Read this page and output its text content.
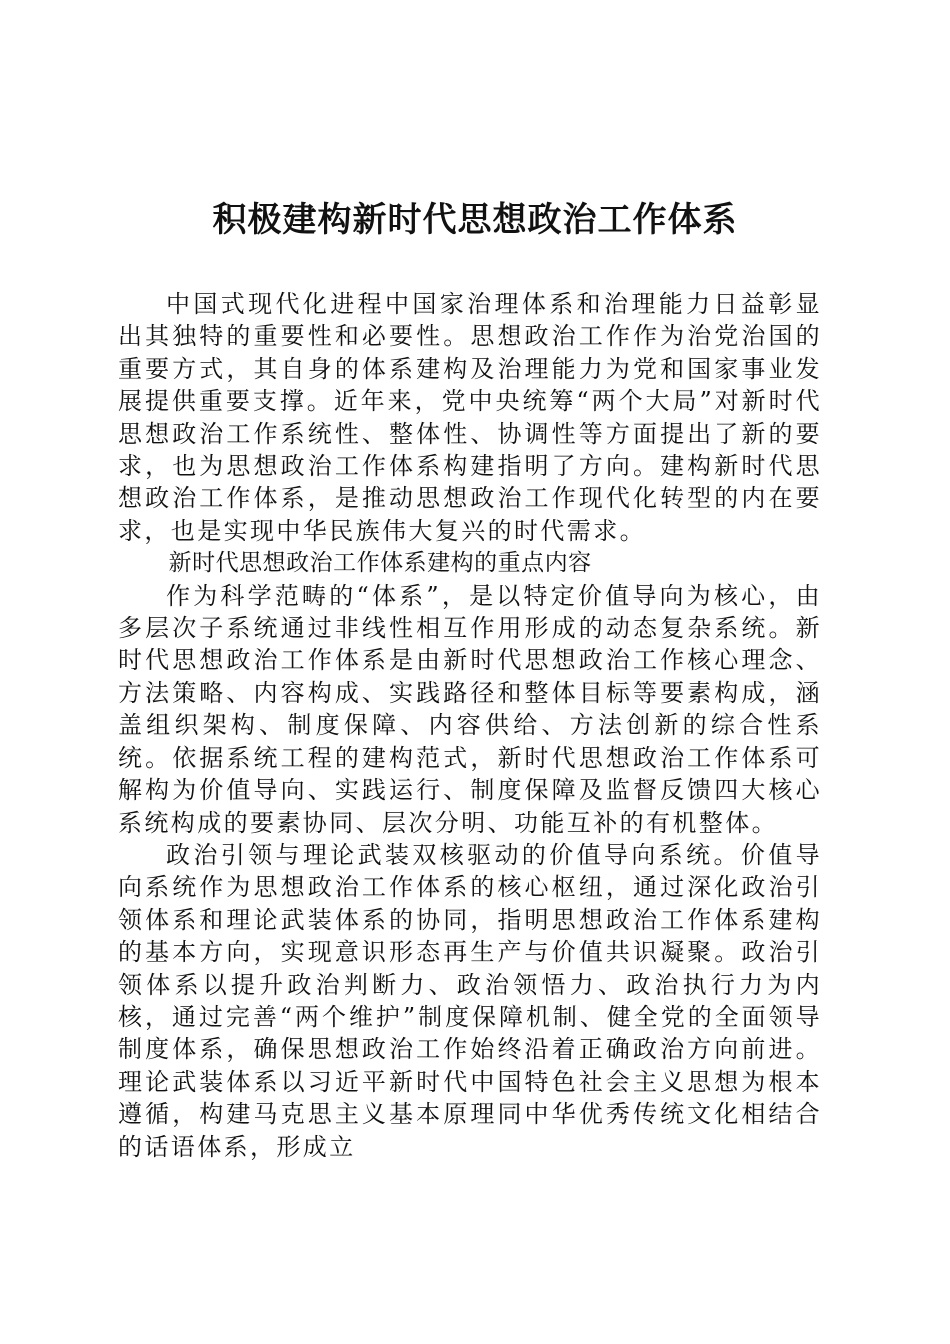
积极建构新时代思想政治工作体系

中国式现代化进程中国家治理体系和治理能力日益彰显出其独特的重要性和必要性。思想政治工作作为治党治国的重要方式，其自身的体系建构及治理能力为党和国家事业发展提供重要支撑。近年来，党中央统筹“两个大局”对新时代思想政治工作系统性、整体性、协调性等方面提出了新的要求，也为思想政治工作体系构建指明了方向。建构新时代思想政治工作体系，是推动思想政治工作现代化转型的内在要求，也是实现中华民族伟大复兴的时代需求。

新时代思想政治工作体系建构的重点内容

作为科学范畴的“体系”，是以特定价值导向为核心，由多层次子系统通过非线性相互作用形成的动态复杂系统。新时代思想政治工作体系是由新时代思想政治工作核心理念、方法策略、内容构成、实践路径和整体目标等要素构成，涵盖组织架构、制度保障、内容供给、方法创新的综合性系统。依据系统工程的建构范式，新时代思想政治工作体系可解构为价值导向、实践运行、制度保障及监督反馈四大核心系统构成的要素协同、层次分明、功能互补的有机整体。

政治引领与理论武装双核驱动的价值导向系统。价值导向系统作为思想政治工作体系的核心枢纽，通过深化政治引领体系和理论武装体系的协同，指明思想政治工作体系建构的基本方向，实现意识形态再生产与价值共识凝聚。政治引领体系以提升政治判断力、政治领悟力、政治执行力为内核，通过完善“两个维护”制度保障机制、健全党的全面领导制度体系，确保思想政治工作始终沿着正确政治方向前进。理论武装体系以习近平新时代中国特色社会主义思想为根本遵循，构建马克思主义基本原理同中华优秀传统文化相结合的话语体系，形成立
